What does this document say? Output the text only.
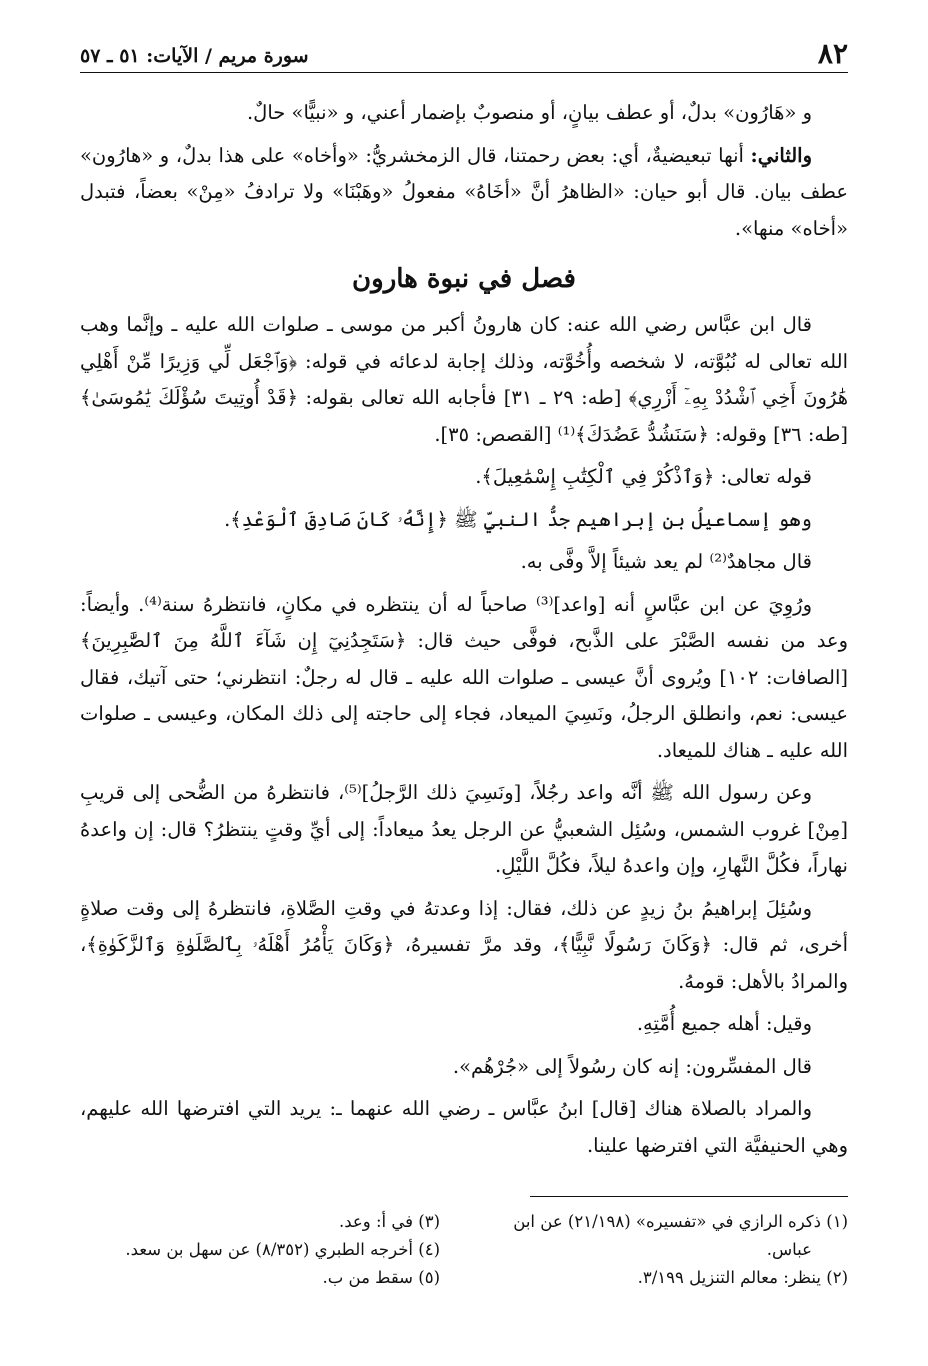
٨٢
سورة مريم / الآيات: ٥١ ـ ٥٧

و «هَارُون» بدلٌ، أو عطف بيانٍ، أو منصوبٌ بإضمار أعني، و «نبيًّا» حالٌ.

والثاني: أنها تبعيضيةٌ، أي: بعض رحمتنا، قال الزمخشريُّ: «وأخاه» على هذا بدلٌ، و «هارُون» عطف بيان. قال أبو حيان: «الظاهرُ أنَّ «أخَاهُ» مفعولُ «وهَبْنَا» ولا ترادفُ «مِنْ» بعضاً، فتبدل «أخاه» منها».

فصل في نبوة هارون

قال ابن عبَّاس رضي الله عنه: كان هارونُ أكبر من موسى ـ صلوات الله عليه ـ وإنَّما وهب الله تعالى له نُبُوَّته، لا شخصه وأُخُوَّته، وذلك إجابة لدعائه في قوله: ﴿وَٱجْعَل لِّي وَزِيرًا مِّنْ أَهْلِي هَٰرُونَ أَخِي ٱشْدُدْ بِهِۦٓ أَزْرِي﴾ [طه: ٢٩ ـ ٣١] فأجابه الله تعالى بقوله: ﴿قَدْ أُوتِيتَ سُؤْلَكَ يَٰمُوسَىٰ﴾ [طه: ٣٦] وقوله: ﴿سَنَشُدُّ عَضُدَكَ﴾⁽¹⁾ [القصص: ٣٥].

قوله تعالى: ﴿وَٱذْكُرْ فِي ٱلْكِتَٰبِ إِسْمَٰعِيلَ﴾.

وهو إسماعيلُ بن إبراهيم جدُّ النبيِّ ﷺ ﴿إِنَّهُۥ كَانَ صَادِقَ ٱلْوَعْدِ﴾.

قال مجاهدٌ⁽²⁾ لم يعد شيئاً إلاَّ وفَّى به.

ورُوِيَ عن ابن عبَّاسٍ أنه [واعد]⁽³⁾ صاحباً له أن ينتظره في مكانٍ، فانتظرهُ سنة⁽⁴⁾. وأيضاً: وعد من نفسه الصَّبْرَ على الذَّبح، فوفَّى حيث قال: ﴿سَتَجِدُنِيٓ إِن شَآءَ ٱللَّهُ مِنَ ٱلصَّٰبِرِينَ﴾ [الصافات: ١٠٢] ويُروى أنَّ عيسى ـ صلوات الله عليه ـ قال له رجلٌ: انتظرني؛ حتى آتيك، فقال عيسى: نعم، وانطلق الرجلُ، ونَسِيَ الميعاد، فجاء إلى حاجته إلى ذلك المكان، وعيسى ـ صلوات الله عليه ـ هناك للميعاد.

وعن رسول الله ﷺ أنَّه واعد رجُلاً، [ونَسِيَ ذلك الرَّجلُ]⁽⁵⁾، فانتظرهُ من الضُّحى إلى قريبِ [مِنْ] غروب الشمس، وسُئِل الشعبيُّ عن الرجل يعدُ ميعاداً: إلى أيِّ وقتٍ ينتظرُ؟ قال: إن واعدهُ نهاراً، فكُلَّ النَّهارِ، وإن واعدهُ ليلاً، فكُلَّ اللَّيْلِ.

وسُئِلَ إبراهيمُ بنُ زيدٍ عن ذلك، فقال: إذا وعدتهُ في وقتِ الصَّلاةِ، فانتظرهُ إلى وقت صلاةٍ أخرى، ثم قال: ﴿وَكَانَ رَسُولًا نَّبِيًّا﴾، وقد مرَّ تفسيرهُ، ﴿وَكَانَ يَأْمُرُ أَهْلَهُۥ بِٱلصَّلَوٰةِ وَٱلزَّكَوٰةِ﴾، والمرادُ بالأهل: قومهُ.

وقيل: أهله جميع أُمَّتِهِ.

قال المفسِّرون: إنه كان رسُولاً إلى «جُرْهُم».

والمراد بالصلاة هناك [قال] ابنُ عبَّاس ـ رضي الله عنهما ـ: يريد التي افترضها الله عليهم، وهي الحنيفيَّة التي افترضها علينا.

(١) ذكره الرازي في «تفسيره» (٢١/١٩٨) عن ابن

عباس.

(٢) ينظر: معالم التنزيل ٣/١٩٩.

(٣) في أ: وعد.

(٤) أخرجه الطبري (٨/٣٥٢) عن سهل بن سعد.

(٥) سقط من ب.
